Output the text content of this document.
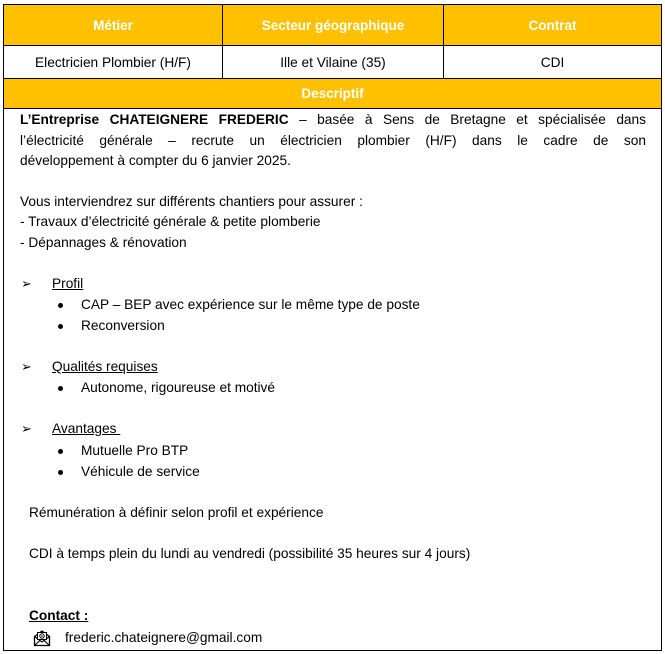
Métier	Secteur géographique	Contrat
Electricien Plombier (H/F)	Ille et Vilaine (35)	CDI
Descriptif
L’Entreprise CHATEIGNERE FREDERIC – basée à Sens de Bretagne et spécialisée dans
l’électricité générale – recrute un électricien plombier (H/F) dans le cadre de son
développement à compter du 6 janvier 2025.
Vous interviendrez sur différents chantiers pour assurer :
- Travaux d’électricité générale & petite plomberie
- Dépannages & rénovation
➢ Profil
CAP – BEP avec expérience sur le même type de poste
Reconversion
➢ Qualités requises
Autonome, rigoureuse et motivé
➢ Avantages
Mutuelle Pro BTP
Véhicule de service
Rémunération à définir selon profil et expérience
CDI à temps plein du lundi au vendredi (possibilité 35 heures sur 4 jours)
Contact :
frederic.chateignere@gmail.com
